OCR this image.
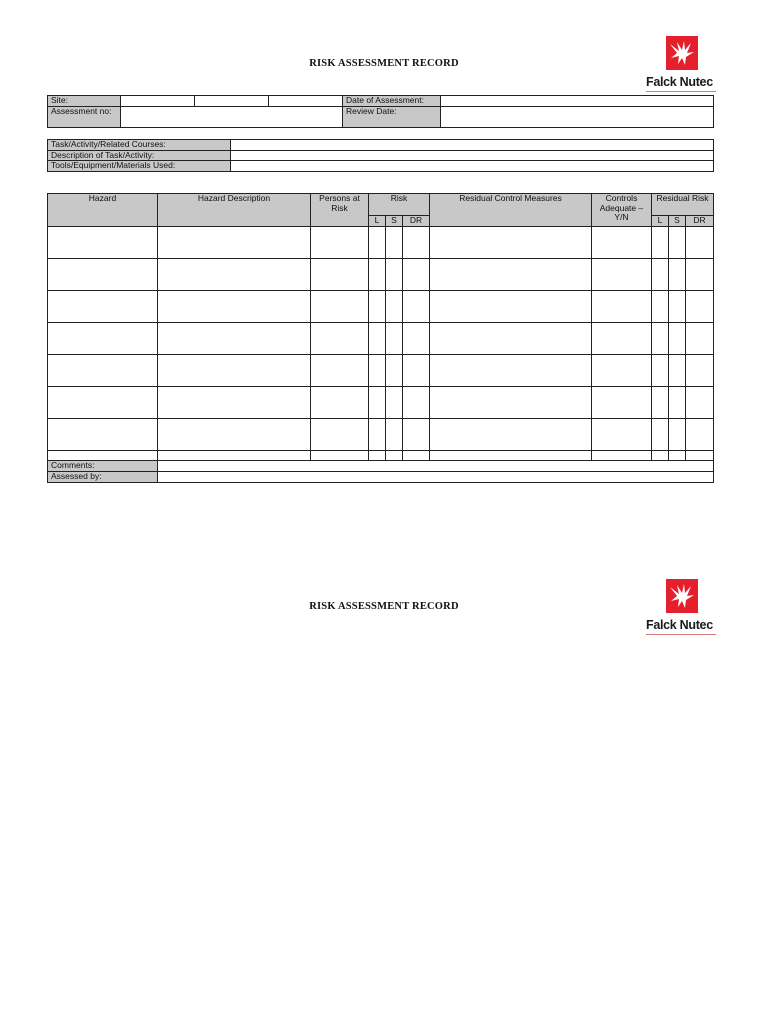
RISK ASSESSMENT RECORD
Falck Nutec
Site:				Date of Assessment:	
Assessment no:				Review Date:	
Task/Activity/Related Courses:	
Description of Task/Activity:	
Tools/Equipment/Materials Used:	
Hazard	Hazard Description	Persons at Risk	Risk			Residual Control Measures	Controls Adequate – Y/N	Residual Risk		
			L	S	DR			L	S	DR

Comments:										
Assessed by:										
RISK ASSESSMENT RECORD
Falck Nutec
